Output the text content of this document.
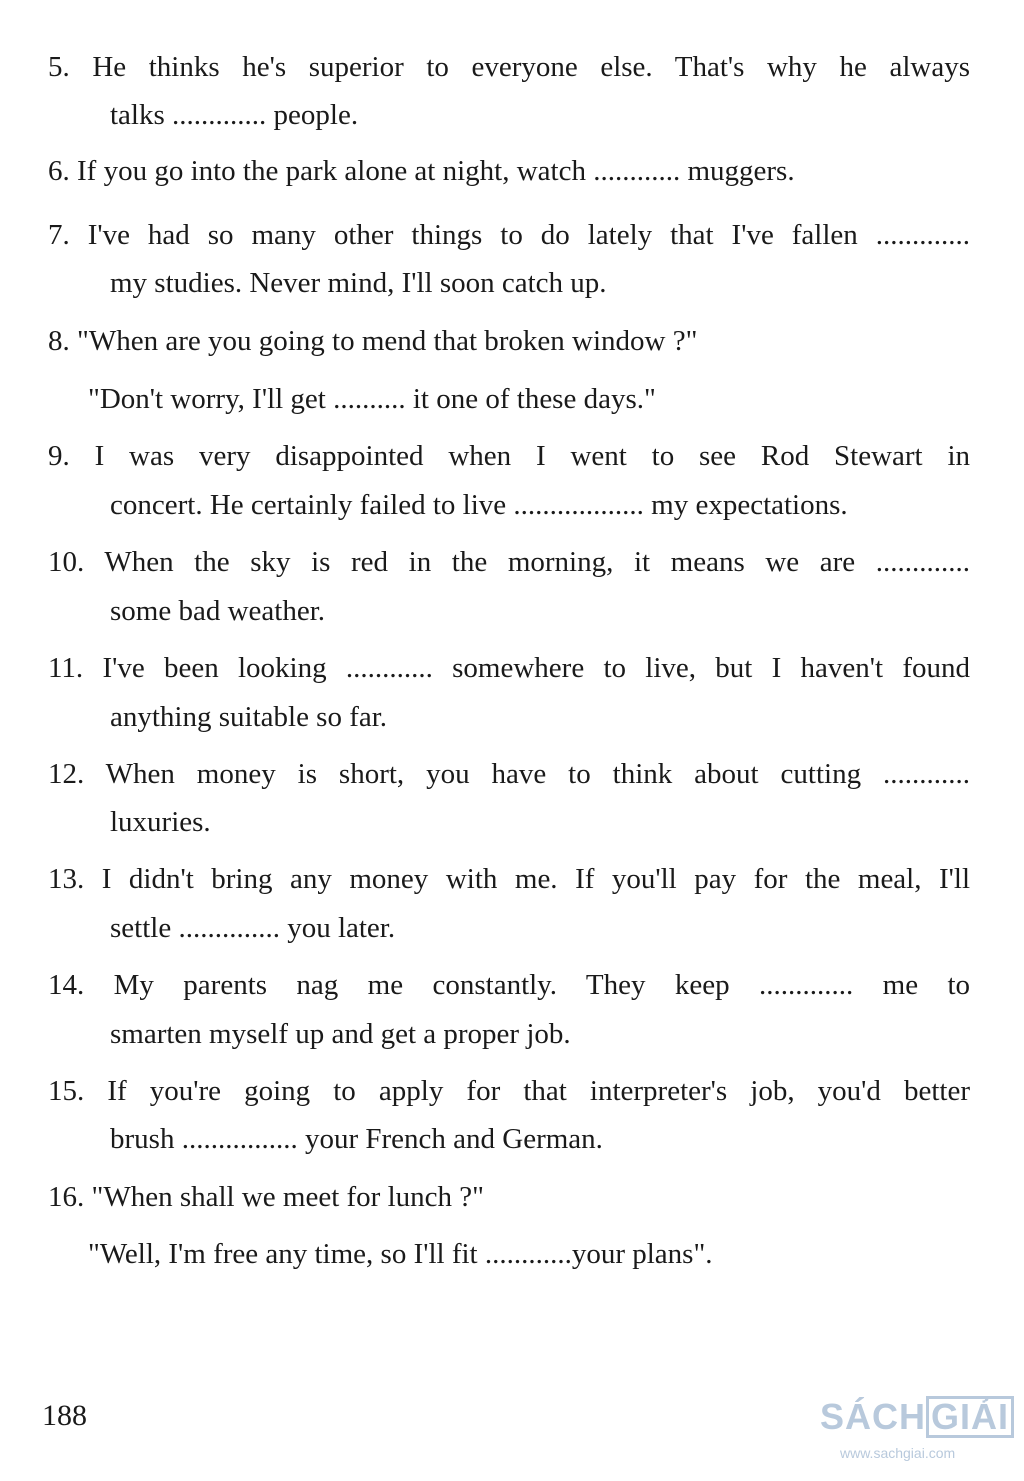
5. He thinks he's superior to everyone else. That's why he always

talks ............. people.

6. If you go into the park alone at night, watch ............ muggers.

7. I've had so many other things to do lately that I've fallen .............

my studies. Never mind, I'll soon catch up.

8. "When are you going to mend that broken window ?"

"Don't worry, I'll get .......... it one of these days."

9. I was very disappointed when I went to see Rod Stewart in

concert. He certainly failed to live .................. my expectations.

10. When the sky is red in the morning, it means we are .............

some bad weather.

11. I've been looking ............ somewhere to live, but I haven't found

anything suitable so far.

12. When money is short, you have to think about cutting ............

luxuries.

13. I didn't bring any money with me. If you'll pay for the meal, I'll

settle .............. you later.

14. My parents nag me constantly. They keep ............. me to

smarten myself up and get a proper job.

15. If you're going to apply for that interpreter's job, you'd better

brush ................ your French and German.

16. "When shall we meet for lunch ?"

"Well, I'm free any time, so I'll fit ............your plans".

188	SÁCH GIẢI
www.sachgiai.com
